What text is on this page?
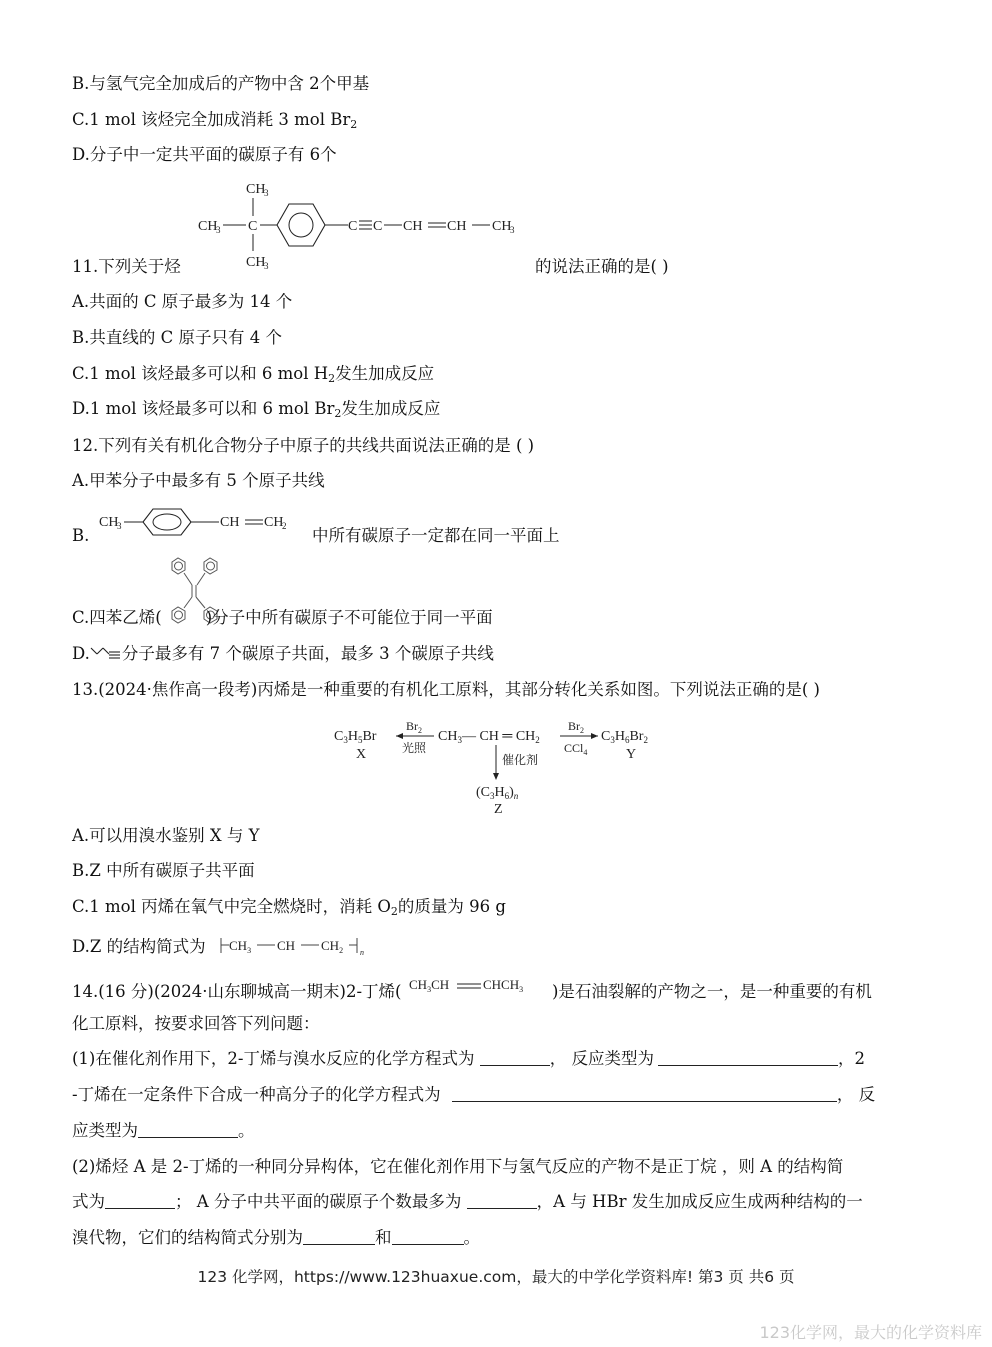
B.与氢气完全加成后的产物中含 2个甲基
C.1 mol 该烃完全加成消耗 3 mol $Br_2$
D.分子中一定共平面的碳原子有 6个
CH
3
CH
3 C
CH
3
C C CH CH CH
3
11.下列关于烃	的说法正确的是( )
A.共面的 C 原子最多为 14 个
B.共直线的 C 原子只有 4 个
C.1 mol 该烃最多可以和 6 mol $H_2$发生加成反应
D.1 mol 该烃最多可以和 6 mol $Br_2$发生加成反应
12.下列有关有机化合物分子中原子的共线共面说法正确的是 ( )
A.甲苯分子中最多有 5 个原子共线
B.
CH
3	CH CH
2 中所有碳原子一定都在同一平面上
C.四苯乙烯(	)分子中所有碳原子不可能位于同一平面
D. 分子最多有 7 个碳原子共面，最多 3 个碳原子共线
13.(2024·焦作高一段考)丙烯是一种重要的有机化工原料，其部分转化关系如图。下列说法正确的是( )
$C_3H_5Br$
X
$Br_2$
光照
$CH_3—$ CH ═ $CH_2$
$Br_2$
CCl$_4$
$C_3H_6Br_2$
Y
催化剂
$(C_3H_6)_n$
Z
A.可以用溴水鉴别 X 与 Y
B.Z 中所有碳原子共平面
C.1 mol 丙烯在氧气中完全燃烧时，消耗 $O_2$的质量为 96 g
D.Z 的结构简式为 $CH_3$ CH $CH_2$ n
14.(16 分)(2024·山东聊城高一期末)2-丁烯( $CH_3CH$	$CHCH_3$ )是石油裂解的产物之一，是一种重要的有机
化工原料，按要求回答下列问题：
(1)在催化剂作用下，2-丁烯与溴水反应的化学方程式为	， 反应类型为	，2
-丁烯在一定条件下合成一种高分子的化学方程式为	， 反
应类型为	。
(2)烯烃 A 是 2-丁烯的一种同分异构体，它在催化剂作用下与氢气反应的产物不是正丁烷 ，则 A 的结构简
式为	； A 分子中共平面的碳原子个数最多为	，A 与 HBr 发生加成反应生成两种结构的一
溴代物，它们的结构简式分别为	和	。
123 化学网，https://www.123huaxue.com，最大的中学化学资料库! 第3 页 共6 页
123化学网，最大的化学资料库
